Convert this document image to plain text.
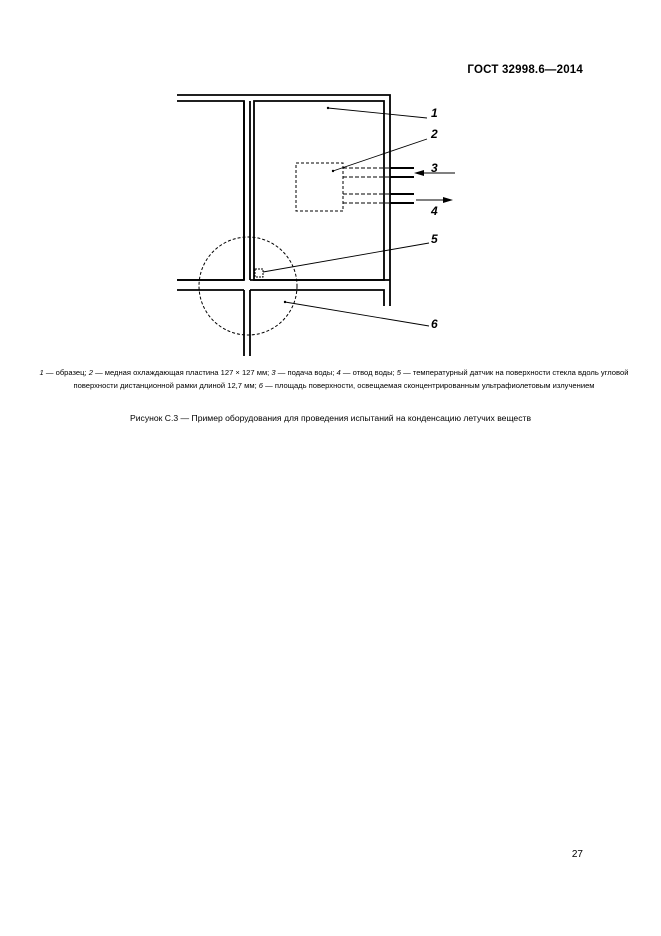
ГОСТ 32998.6—2014
1
2
3
4
5
6
1 — образец; 2 — медная охлаждающая пластина 127 × 127 мм; 3 — подача воды; 4 — отвод воды; 5 — температурный датчик на поверхности стекла вдоль угловой поверхности дистанционной рамки длиной 12,7 мм; 6 — площадь поверхности, освещаемая сконцентрированным ультрафиолетовым излучением
Рисунок С.3 — Пример оборудования для проведения испытаний на конденсацию летучих веществ
27
